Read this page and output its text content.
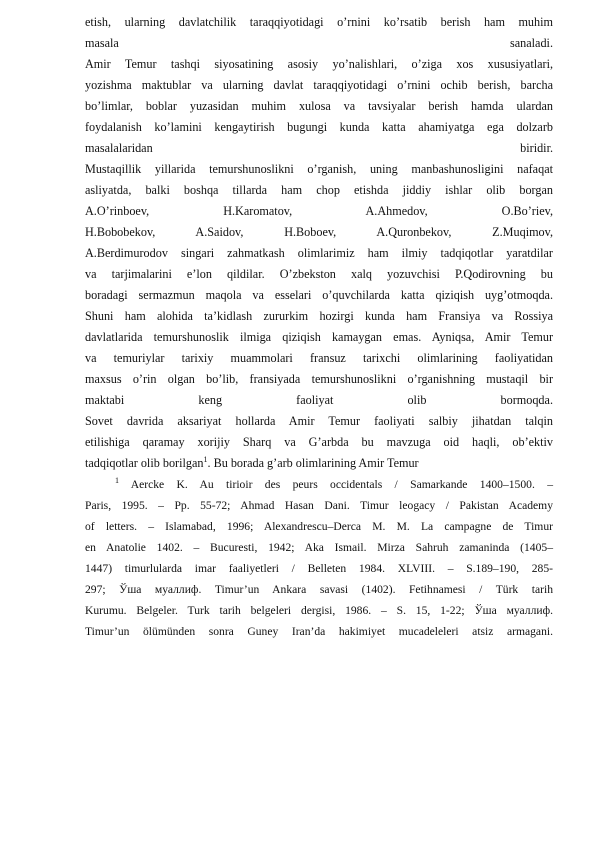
etish, ularning davlatchilik taraqqiyotidagi o’rnini ko’rsatib berish ham muhim
masala sanaladi.
Amir Temur tashqi siyosatining asosiy yo’nalishlari, o’ziga xos xususiyatlari,
yozishma maktublar va ularning davlat taraqqiyotidagi o’rnini ochib berish, barcha
bo’limlar, boblar yuzasidan muhim xulosa va tavsiyalar berish hamda ulardan
foydalanish ko’lamini kengaytirish bugungi kunda katta ahamiyatga ega dolzarb
masalalaridan biridir.
Mustaqillik yillarida temurshunoslikni o’rganish, uning manbashunosligini nafaqat
asliyatda, balki boshqa tillarda ham chop etishda jiddiy ishlar olib borgan
A.O’rinboev, H.Karomatov, A.Ahmedov, O.Bo’riev,
H.Bobobekov, A.Saidov, H.Boboev, A.Quronbekov, Z.Muqimov,
A.Berdimurodov singari zahmatkash olimlarimiz ham ilmiy tadqiqotlar yaratdilar
va tarjimalarini e’lon qildilar. O’zbekston xalq yozuvchisi P.Qodirovning bu
boradagi sermazmun maqola va esselari o’quvchilarda katta qiziqish uyg’otmoqda.
Shuni ham alohida ta’kidlash zururkim hozirgi kunda ham Fransiya va Rossiya
davlatlarida temurshunoslik ilmiga qiziqish kamaygan emas. Ayniqsa, Amir Temur
va temuriylar tarixiy muammolari fransuz tarixchi olimlarining faoliyatidan
maxsus o’rin olgan bo’lib, fransiyada temurshunoslikni o’rganishning mustaqil bir
maktabi keng faoliyat olib bormoqda.
Sovet davrida aksariyat hollarda Amir Temur faoliyati salbiy jihatdan talqin
etilishiga qaramay xorijiy Sharq va G’arbda bu mavzuga oid haqli, ob’ektiv
tadqiqotlar olib borilgan$^1$. Bu borada g’arb olimlarining Amir Temur
$^1$ Aercke K. Au tirioir des peurs occidentals / Samarkande 1400–1500. –
Paris, 1995. – Pp. 55-72; Ahmad Hasan Dani. Timur leogacy / Pakistan Academy
of letters. – Islamabad, 1996; Alexandrescu–Derca M. M. La campagne de Timur
en Anatolie 1402. – Bucuresti, 1942; Aka Ismail. Mirza Sahruh zamaninda (1405–
1447) timurlularda imar faaliyetleri / Belleten 1984. XLVIII. – S.189–190, 285-
297; Ўша муаллиф. Timur’un Ankara savasi (1402). Fetihnamesi / Türk tarih
Kurumu. Belgeler. Turk tarih belgeleri dergisi, 1986. – S. 15, 1-22; Ўша муаллиф.
Timur’un ölümünden sonra Guney Iran’da hakimiyet mucadeleleri atsiz armagani.
